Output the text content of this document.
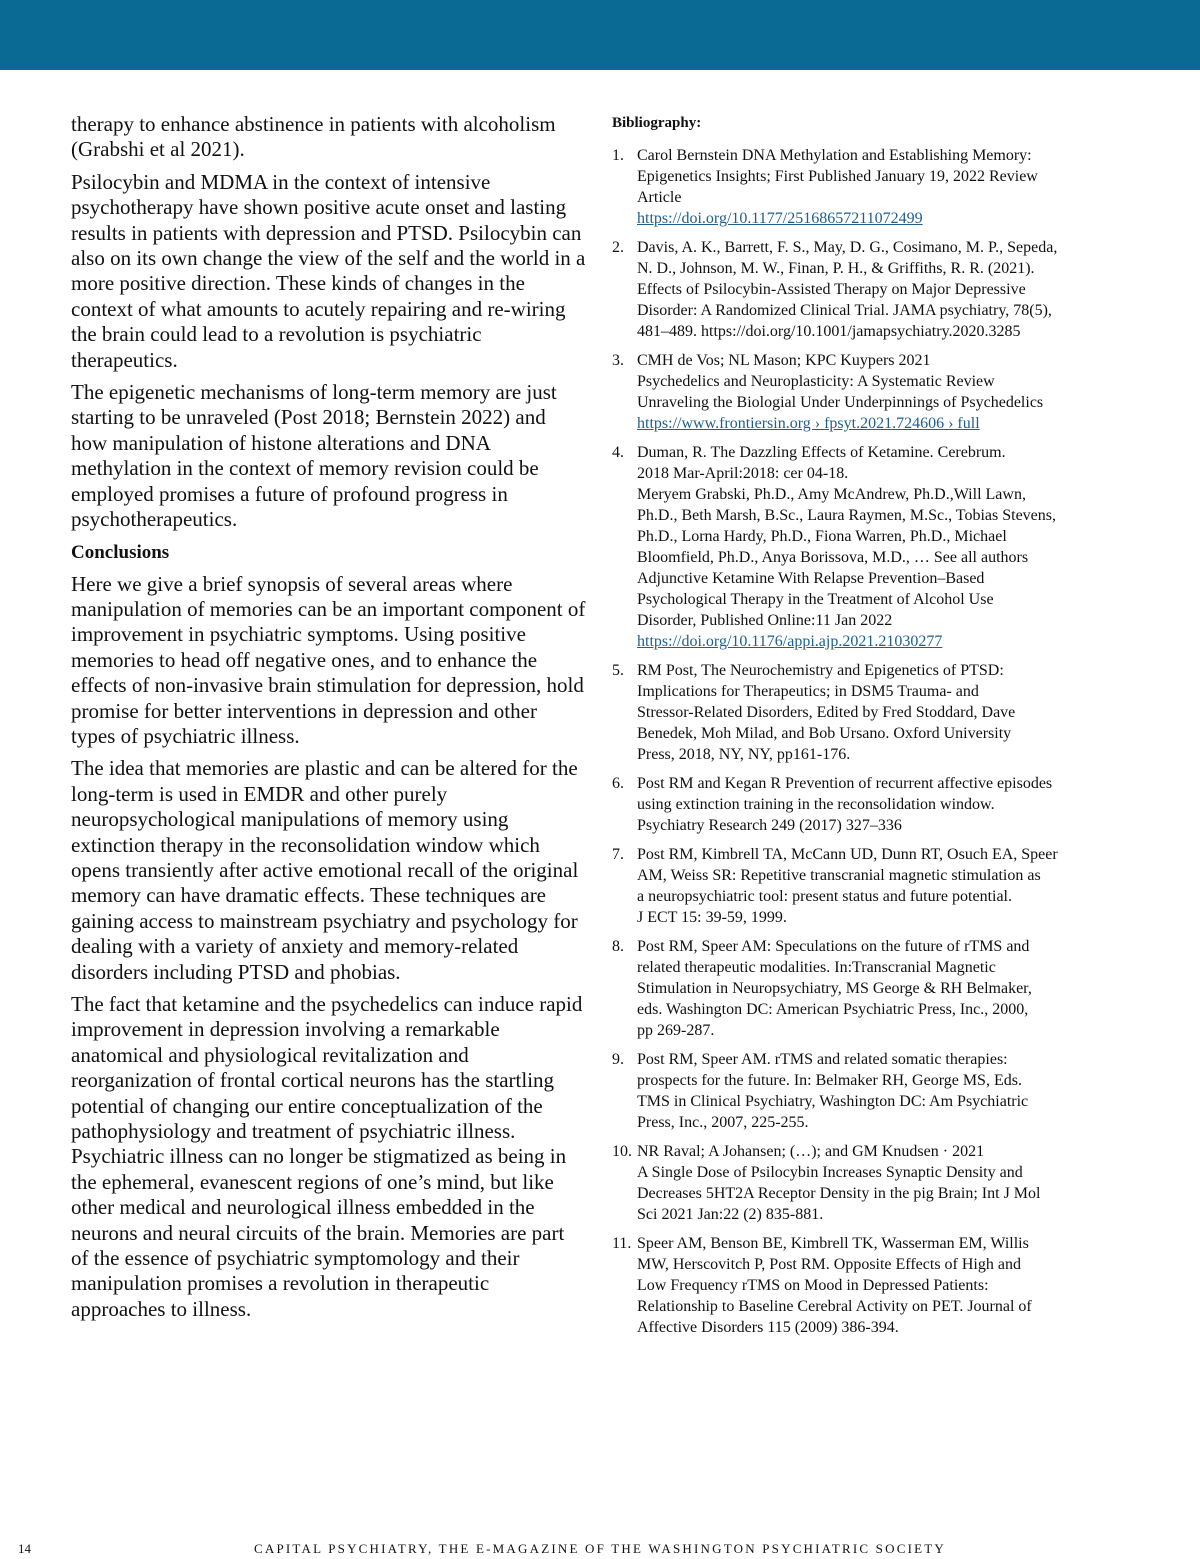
therapy to enhance abstinence in patients with alcoholism (Grabshi et al 2021).

Psilocybin and MDMA in the context of intensive psychotherapy have shown positive acute onset and lasting results in patients with depression and PTSD. Psilocybin can also on its own change the view of the self and the world in a more positive direction. These kinds of changes in the context of what amounts to acutely repairing and re-wiring the brain could lead to a revolution is psychiatric therapeutics.

The epigenetic mechanisms of long-term memory are just starting to be unraveled (Post 2018; Bernstein 2022) and how manipulation of histone alterations and DNA methylation in the context of memory revision could be employed promises a future of profound progress in psychotherapeutics.

Conclusions

Here we give a brief synopsis of several areas where manipulation of memories can be an important component of improvement in psychiatric symptoms. Using positive memories to head off negative ones, and to enhance the effects of non-invasive brain stimulation for depression, hold promise for better interventions in depression and other types of psychiatric illness.

The idea that memories are plastic and can be altered for the long-term is used in EMDR and other purely neuropsychological manipulations of memory using extinction therapy in the reconsolidation window which opens transiently after active emotional recall of the original memory can have dramatic effects. These techniques are gaining access to mainstream psychiatry and psychology for dealing with a variety of anxiety and memory-related disorders including PTSD and phobias.

The fact that ketamine and the psychedelics can induce rapid improvement in depression involving a remarkable anatomical and physiological revitalization and reorganization of frontal cortical neurons has the startling potential of changing our entire conceptualization of the pathophysiology and treatment of psychiatric illness. Psychiatric illness can no longer be stigmatized as being in the ephemeral, evanescent regions of one’s mind, but like other medical and neurological illness embedded in the neurons and neural circuits of the brain. Memories are part of the essence of psychiatric symptomology and their manipulation promises a revolution in therapeutic approaches to illness.

Bibliography:
1. Carol Bernstein DNA Methylation and Establishing Memory:
Epigenetics Insights; First Published January 19, 2022 Review
Article
https://doi.org/10.1177/25168657211072499
2. Davis, A. K., Barrett, F. S., May, D. G., Cosimano, M. P., Sepeda,
N. D., Johnson, M. W., Finan, P. H., & Griffiths, R. R. (2021).
Effects of Psilocybin-Assisted Therapy on Major Depressive
Disorder: A Randomized Clinical Trial. JAMA psychiatry, 78(5),
481–489. https://doi.org/10.1001/jamapsychiatry.2020.3285
3. CMH de Vos; NL Mason; KPC Kuypers 2021
Psychedelics and Neuroplasticity: A Systematic Review
Unraveling the Biologial Under Underpinnings of Psychedelics
https://www.frontiersin.org › fpsyt.2021.724606 › full
4. Duman, R. The Dazzling Effects of Ketamine. Cerebrum.
2018 Mar-April:2018: cer 04-18.
Meryem Grabski, Ph.D., Amy McAndrew, Ph.D.,Will Lawn,
Ph.D., Beth Marsh, B.Sc., Laura Raymen, M.Sc., Tobias Stevens,
Ph.D., Lorna Hardy, Ph.D., Fiona Warren, Ph.D., Michael
Bloomfield, Ph.D., Anya Borissova, M.D., … See all authors
Adjunctive Ketamine With Relapse Prevention–Based
Psychological Therapy in the Treatment of Alcohol Use
Disorder, Published Online:11 Jan 2022
https://doi.org/10.1176/appi.ajp.2021.21030277
5. RM Post, The Neurochemistry and Epigenetics of PTSD:
Implications for Therapeutics; in DSM5 Trauma- and
Stressor-Related Disorders, Edited by Fred Stoddard, Dave
Benedek, Moh Milad, and Bob Ursano. Oxford University
Press, 2018, NY, NY, pp161-176.
6. Post RM and Kegan R Prevention of recurrent affective episodes
using extinction training in the reconsolidation window.
Psychiatry Research 249 (2017) 327–336
7. Post RM, Kimbrell TA, McCann UD, Dunn RT, Osuch EA, Speer
AM, Weiss SR: Repetitive transcranial magnetic stimulation as
a neuropsychiatric tool: present status and future potential.
J ECT 15: 39-59, 1999.
8. Post RM, Speer AM: Speculations on the future of rTMS and
related therapeutic modalities. In:Transcranial Magnetic
Stimulation in Neuropsychiatry, MS George & RH Belmaker,
eds. Washington DC: American Psychiatric Press, Inc., 2000,
pp 269-287.
9. Post RM, Speer AM. rTMS and related somatic therapies:
prospects for the future. In: Belmaker RH, George MS, Eds.
TMS in Clinical Psychiatry, Washington DC: Am Psychiatric
Press, Inc., 2007, 225-255.
10. NR Raval; A Johansen; (…); and GM Knudsen · 2021
A Single Dose of Psilocybin Increases Synaptic Density and
Decreases 5HT2A Receptor Density in the pig Brain; Int J Mol
Sci 2021 Jan:22 (2) 835-881.
11. Speer AM, Benson BE, Kimbrell TK, Wasserman EM, Willis
MW, Herscovitch P, Post RM. Opposite Effects of High and
Low Frequency rTMS on Mood in Depressed Patients:
Relationship to Baseline Cerebral Activity on PET. Journal of
Affective Disorders 115 (2009) 386-394.
14	CAPITAL PSYCHIATRY, THE E-MAGAZINE OF THE WASHINGTON PSYCHIATRIC SOCIETY
